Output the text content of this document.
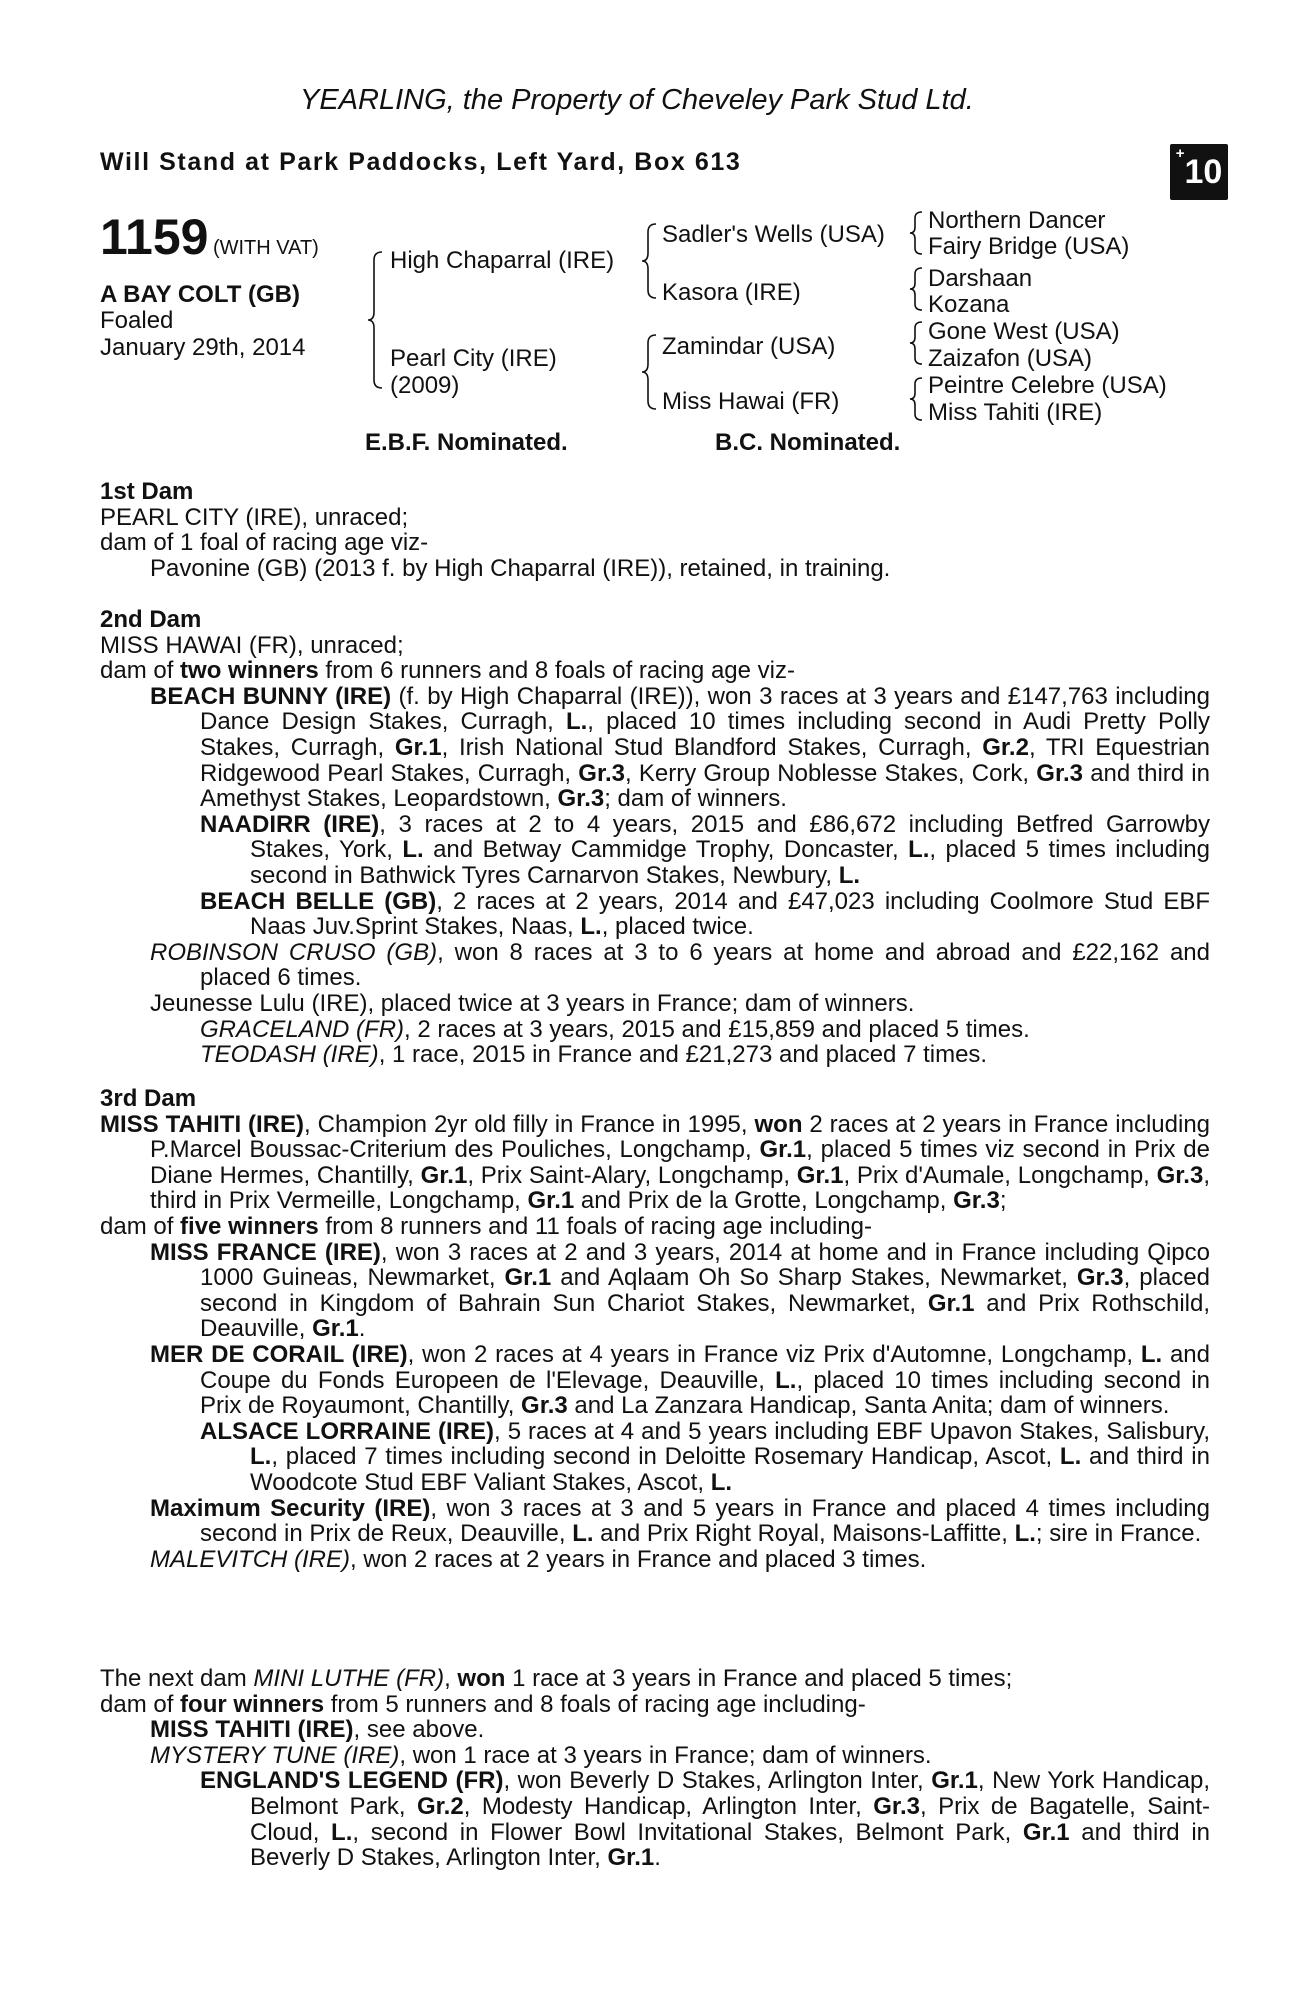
YEARLING, the Property of Cheveley Park Stud Ltd.
Will Stand at Park Paddocks, Left Yard, Box 613	+10
1159 (WITH VAT)
A BAY COLT (GB)
Foaled
January 29th, 2014
High Chaparral (IRE)
Pearl City (IRE)
(2009)
Sadler's Wells (USA)
Kasora (IRE)
Zamindar (USA)
Miss Hawai (FR)
Northern Dancer
Fairy Bridge (USA)
Darshaan
Kozana
Gone West (USA)
Zaizafon (USA)
Peintre Celebre (USA)
Miss Tahiti (IRE)
E.B.F. Nominated.	B.C. Nominated.

1st Dam

PEARL CITY (IRE), unraced;

dam of 1 foal of racing age viz-

Pavonine (GB) (2013 f. by High Chaparral (IRE)), retained, in training.

2nd Dam

MISS HAWAI (FR), unraced;

dam of two winners from 6 runners and 8 foals of racing age viz-

BEACH BUNNY (IRE) (f. by High Chaparral (IRE)), won 3 races at 3 years and £147,763 including Dance Design Stakes, Curragh, L., placed 10 times including second in Audi Pretty Polly Stakes, Curragh, Gr.1, Irish National Stud Blandford Stakes, Curragh, Gr.2, TRI Equestrian Ridgewood Pearl Stakes, Curragh, Gr.3, Kerry Group Noblesse Stakes, Cork, Gr.3 and third in Amethyst Stakes, Leopardstown, Gr.3; dam of winners.

NAADIRR (IRE), 3 races at 2 to 4 years, 2015 and £86,672 including Betfred Garrowby Stakes, York, L. and Betway Cammidge Trophy, Doncaster, L., placed 5 times including second in Bathwick Tyres Carnarvon Stakes, Newbury, L.

BEACH BELLE (GB), 2 races at 2 years, 2014 and £47,023 including Coolmore Stud EBF Naas Juv.Sprint Stakes, Naas, L., placed twice.

ROBINSON CRUSO (GB), won 8 races at 3 to 6 years at home and abroad and £22,162 and placed 6 times.

Jeunesse Lulu (IRE), placed twice at 3 years in France; dam of winners.

GRACELAND (FR), 2 races at 3 years, 2015 and £15,859 and placed 5 times.

TEODASH (IRE), 1 race, 2015 in France and £21,273 and placed 7 times.

3rd Dam

MISS TAHITI (IRE), Champion 2yr old filly in France in 1995, won 2 races at 2 years in France including P.Marcel Boussac-Criterium des Pouliches, Longchamp, Gr.1, placed 5 times viz second in Prix de Diane Hermes, Chantilly, Gr.1, Prix Saint-Alary, Longchamp, Gr.1, Prix d'Aumale, Longchamp, Gr.3, third in Prix Vermeille, Longchamp, Gr.1 and Prix de la Grotte, Longchamp, Gr.3;

dam of five winners from 8 runners and 11 foals of racing age including-

MISS FRANCE (IRE), won 3 races at 2 and 3 years, 2014 at home and in France including Qipco 1000 Guineas, Newmarket, Gr.1 and Aqlaam Oh So Sharp Stakes, Newmarket, Gr.3, placed second in Kingdom of Bahrain Sun Chariot Stakes, Newmarket, Gr.1 and Prix Rothschild, Deauville, Gr.1.

MER DE CORAIL (IRE), won 2 races at 4 years in France viz Prix d'Automne, Longchamp, L. and Coupe du Fonds Europeen de l'Elevage, Deauville, L., placed 10 times including second in Prix de Royaumont, Chantilly, Gr.3 and La Zanzara Handicap, Santa Anita; dam of winners.

ALSACE LORRAINE (IRE), 5 races at 4 and 5 years including EBF Upavon Stakes, Salisbury, L., placed 7 times including second in Deloitte Rosemary Handicap, Ascot, L. and third in Woodcote Stud EBF Valiant Stakes, Ascot, L.

Maximum Security (IRE), won 3 races at 3 and 5 years in France and placed 4 times including second in Prix de Reux, Deauville, L. and Prix Right Royal, Maisons-Laffitte, L.; sire in France.

MALEVITCH (IRE), won 2 races at 2 years in France and placed 3 times.

The next dam MINI LUTHE (FR), won 1 race at 3 years in France and placed 5 times;

dam of four winners from 5 runners and 8 foals of racing age including-

MISS TAHITI (IRE), see above.

MYSTERY TUNE (IRE), won 1 race at 3 years in France; dam of winners.

ENGLAND'S LEGEND (FR), won Beverly D Stakes, Arlington Inter, Gr.1, New York Handicap, Belmont Park, Gr.2, Modesty Handicap, Arlington Inter, Gr.3, Prix de Bagatelle, Saint-Cloud, L., second in Flower Bowl Invitational Stakes, Belmont Park, Gr.1 and third in Beverly D Stakes, Arlington Inter, Gr.1.
